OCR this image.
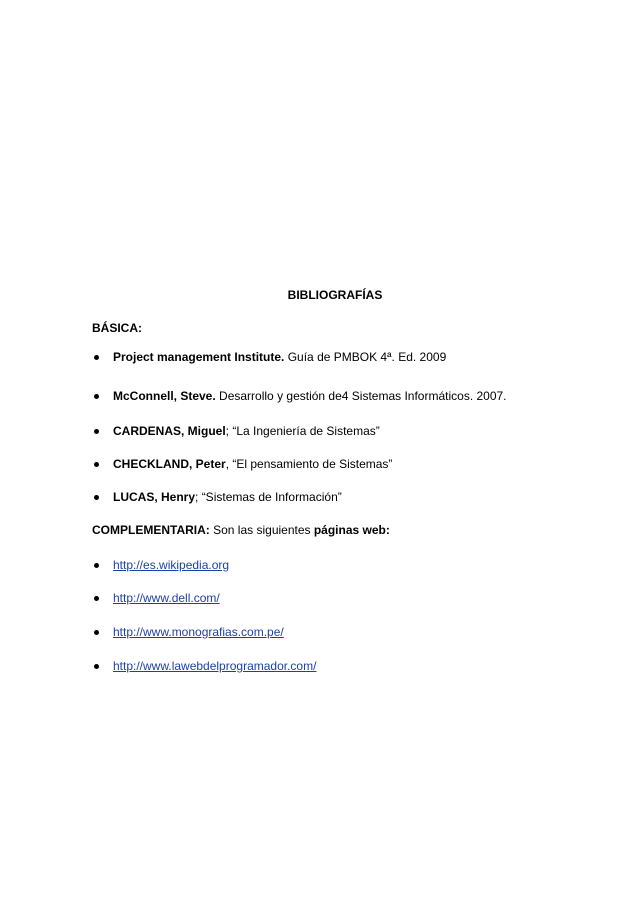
BIBLIOGRAFÍAS
BÁSICA:
Project management Institute. Guía de PMBOK 4ª. Ed. 2009
McConnell, Steve. Desarrollo y gestión de4 Sistemas Informáticos. 2007.
CARDENAS, Miguel; “La Ingeniería de Sistemas”
CHECKLAND, Peter, “El pensamiento de Sistemas”
LUCAS, Henry; “Sistemas de Información”
COMPLEMENTARIA: Son las siguientes páginas web:
http://es.wikipedia.org
http://www.dell.com/
http://www.monografias.com.pe/
http://www.lawebdelprogramador.com/
